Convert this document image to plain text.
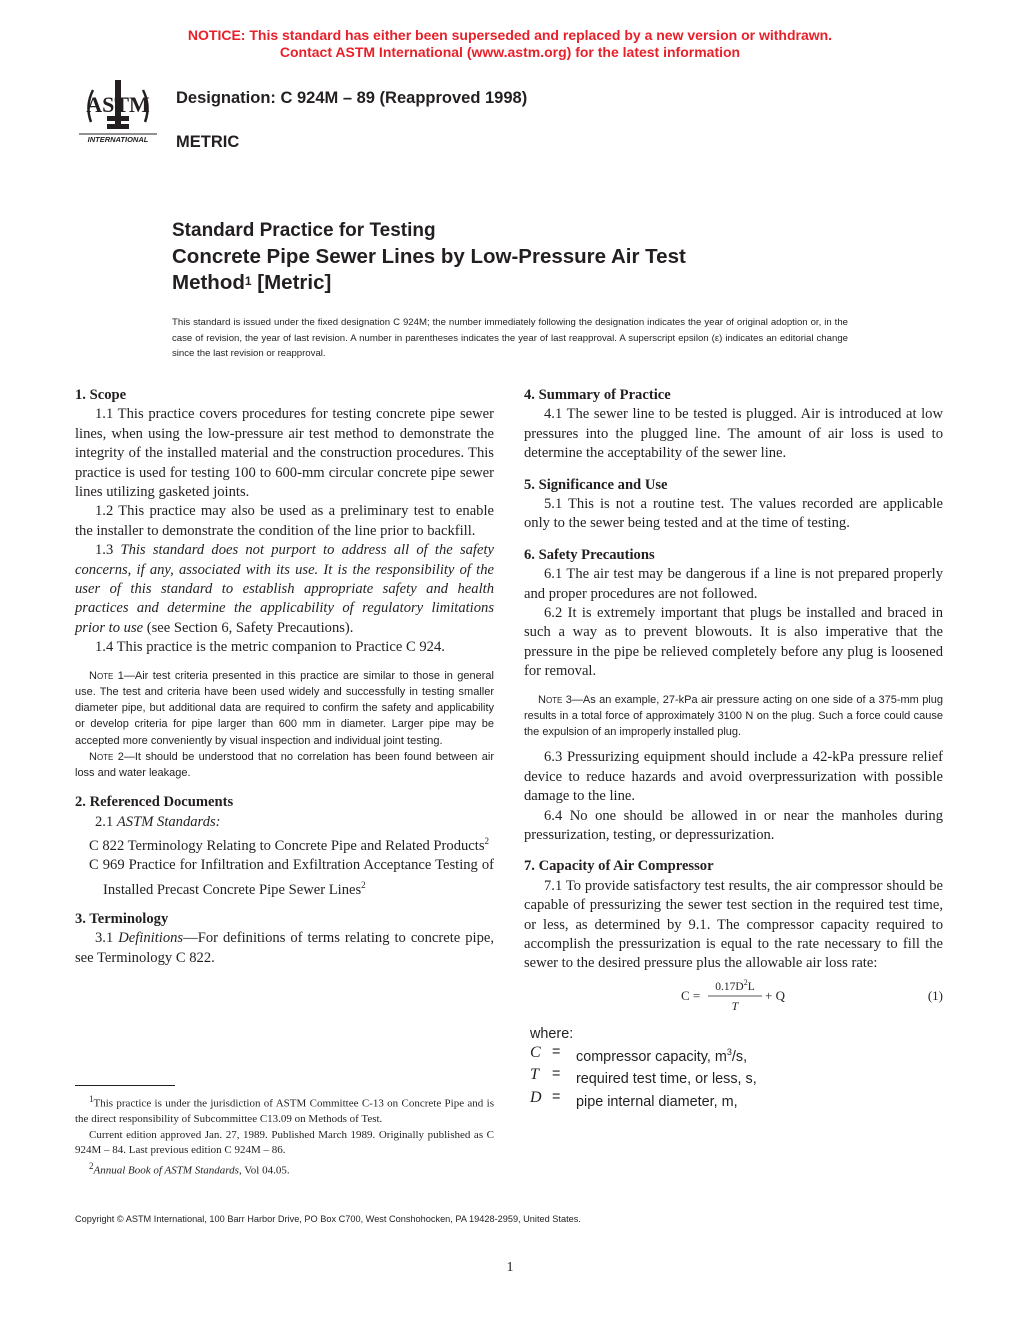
NOTICE: This standard has either been superseded and replaced by a new version or withdrawn.
Contact ASTM International (www.astm.org) for the latest information
ASTM
INTERNATIONAL
Designation: C 924M – 89 (Reapproved 1998)
METRIC
Standard Practice for Testing
Concrete Pipe Sewer Lines by Low-Pressure Air Test
Method$^1$ [Metric]
This standard is issued under the fixed designation C 924M; the number immediately following the designation indicates the year of original adoption or, in the case of revision, the year of last revision. A number in parentheses indicates the year of last reapproval. A superscript epsilon (ε) indicates an editorial change since the last revision or reapproval.

1. Scope

1.1 This practice covers procedures for testing concrete pipe sewer lines, when using the low-pressure air test method to demonstrate the integrity of the installed material and the construction procedures. This practice is used for testing 100 to 600-mm circular concrete pipe sewer lines utilizing gasketed joints.

1.2 This practice may also be used as a preliminary test to enable the installer to demonstrate the condition of the line prior to backfill.

1.3 This standard does not purport to address all of the safety concerns, if any, associated with its use. It is the responsibility of the user of this standard to establish appropriate safety and health practices and determine the applicability of regulatory limitations prior to use (see Section 6, Safety Precautions).

1.4 This practice is the metric companion to Practice C 924.

Note 1—Air test criteria presented in this practice are similar to those in general use. The test and criteria have been used widely and successfully in testing smaller diameter pipe, but additional data are required to confirm the safety and applicability or develop criteria for pipe larger than 600 mm in diameter. Larger pipe may be accepted more conveniently by visual inspection and individual joint testing.

Note 2—It should be understood that no correlation has been found between air loss and water leakage.

2. Referenced Documents

2.1 ASTM Standards:

C 822 Terminology Relating to Concrete Pipe and Related Products$^2$

C 969 Practice for Infiltration and Exfiltration Acceptance Testing of Installed Precast Concrete Pipe Sewer Lines$^2$

3. Terminology

3.1 Definitions—For definitions of terms relating to concrete pipe, see Terminology C 822.

$^1$This practice is under the jurisdiction of ASTM Committee C-13 on Concrete Pipe and is the direct responsibility of Subcommittee C13.09 on Methods of Test.

Current edition approved Jan. 27, 1989. Published March 1989. Originally published as C 924M – 84. Last previous edition C 924M – 86.

$^2$Annual Book of ASTM Standards, Vol 04.05.

4. Summary of Practice

4.1 The sewer line to be tested is plugged. Air is introduced at low pressures into the plugged line. The amount of air loss is used to determine the acceptability of the sewer line.

5. Significance and Use

5.1 This is not a routine test. The values recorded are applicable only to the sewer being tested and at the time of testing.

6. Safety Precautions

6.1 The air test may be dangerous if a line is not prepared properly and proper procedures are not followed.

6.2 It is extremely important that plugs be installed and braced in such a way as to prevent blowouts. It is also imperative that the pressure in the pipe be relieved completely before any plug is loosened for removal.

Note 3—As an example, 27-kPa air pressure acting on one side of a 375-mm plug results in a total force of approximately 3100 N on the plug. Such a force could cause the expulsion of an improperly installed plug.

6.3 Pressurizing equipment should include a 42-kPa pressure relief device to reduce hazards and avoid overpressurization with possible damage to the line.

6.4 No one should be allowed in or near the manholes during pressurization, testing, or depressurization.

7. Capacity of Air Compressor

7.1 To provide satisfactory test results, the air compressor should be capable of pressurizing the sewer test section in the required test time, or less, as determined by 9.1. The compressor capacity required to accomplish the pressurization is equal to the rate necessary to fill the sewer to the desired pressure plus the allowable air loss rate:

C =
$0.17D^2L$
T
+ Q	(1)
where:
C =	compressor capacity, $m^3/s$,
T =	required test time, or less, s,
D =	pipe internal diameter, m,
Copyright © ASTM International, 100 Barr Harbor Drive, PO Box C700, West Conshohocken, PA 19428-2959, United States.
1
